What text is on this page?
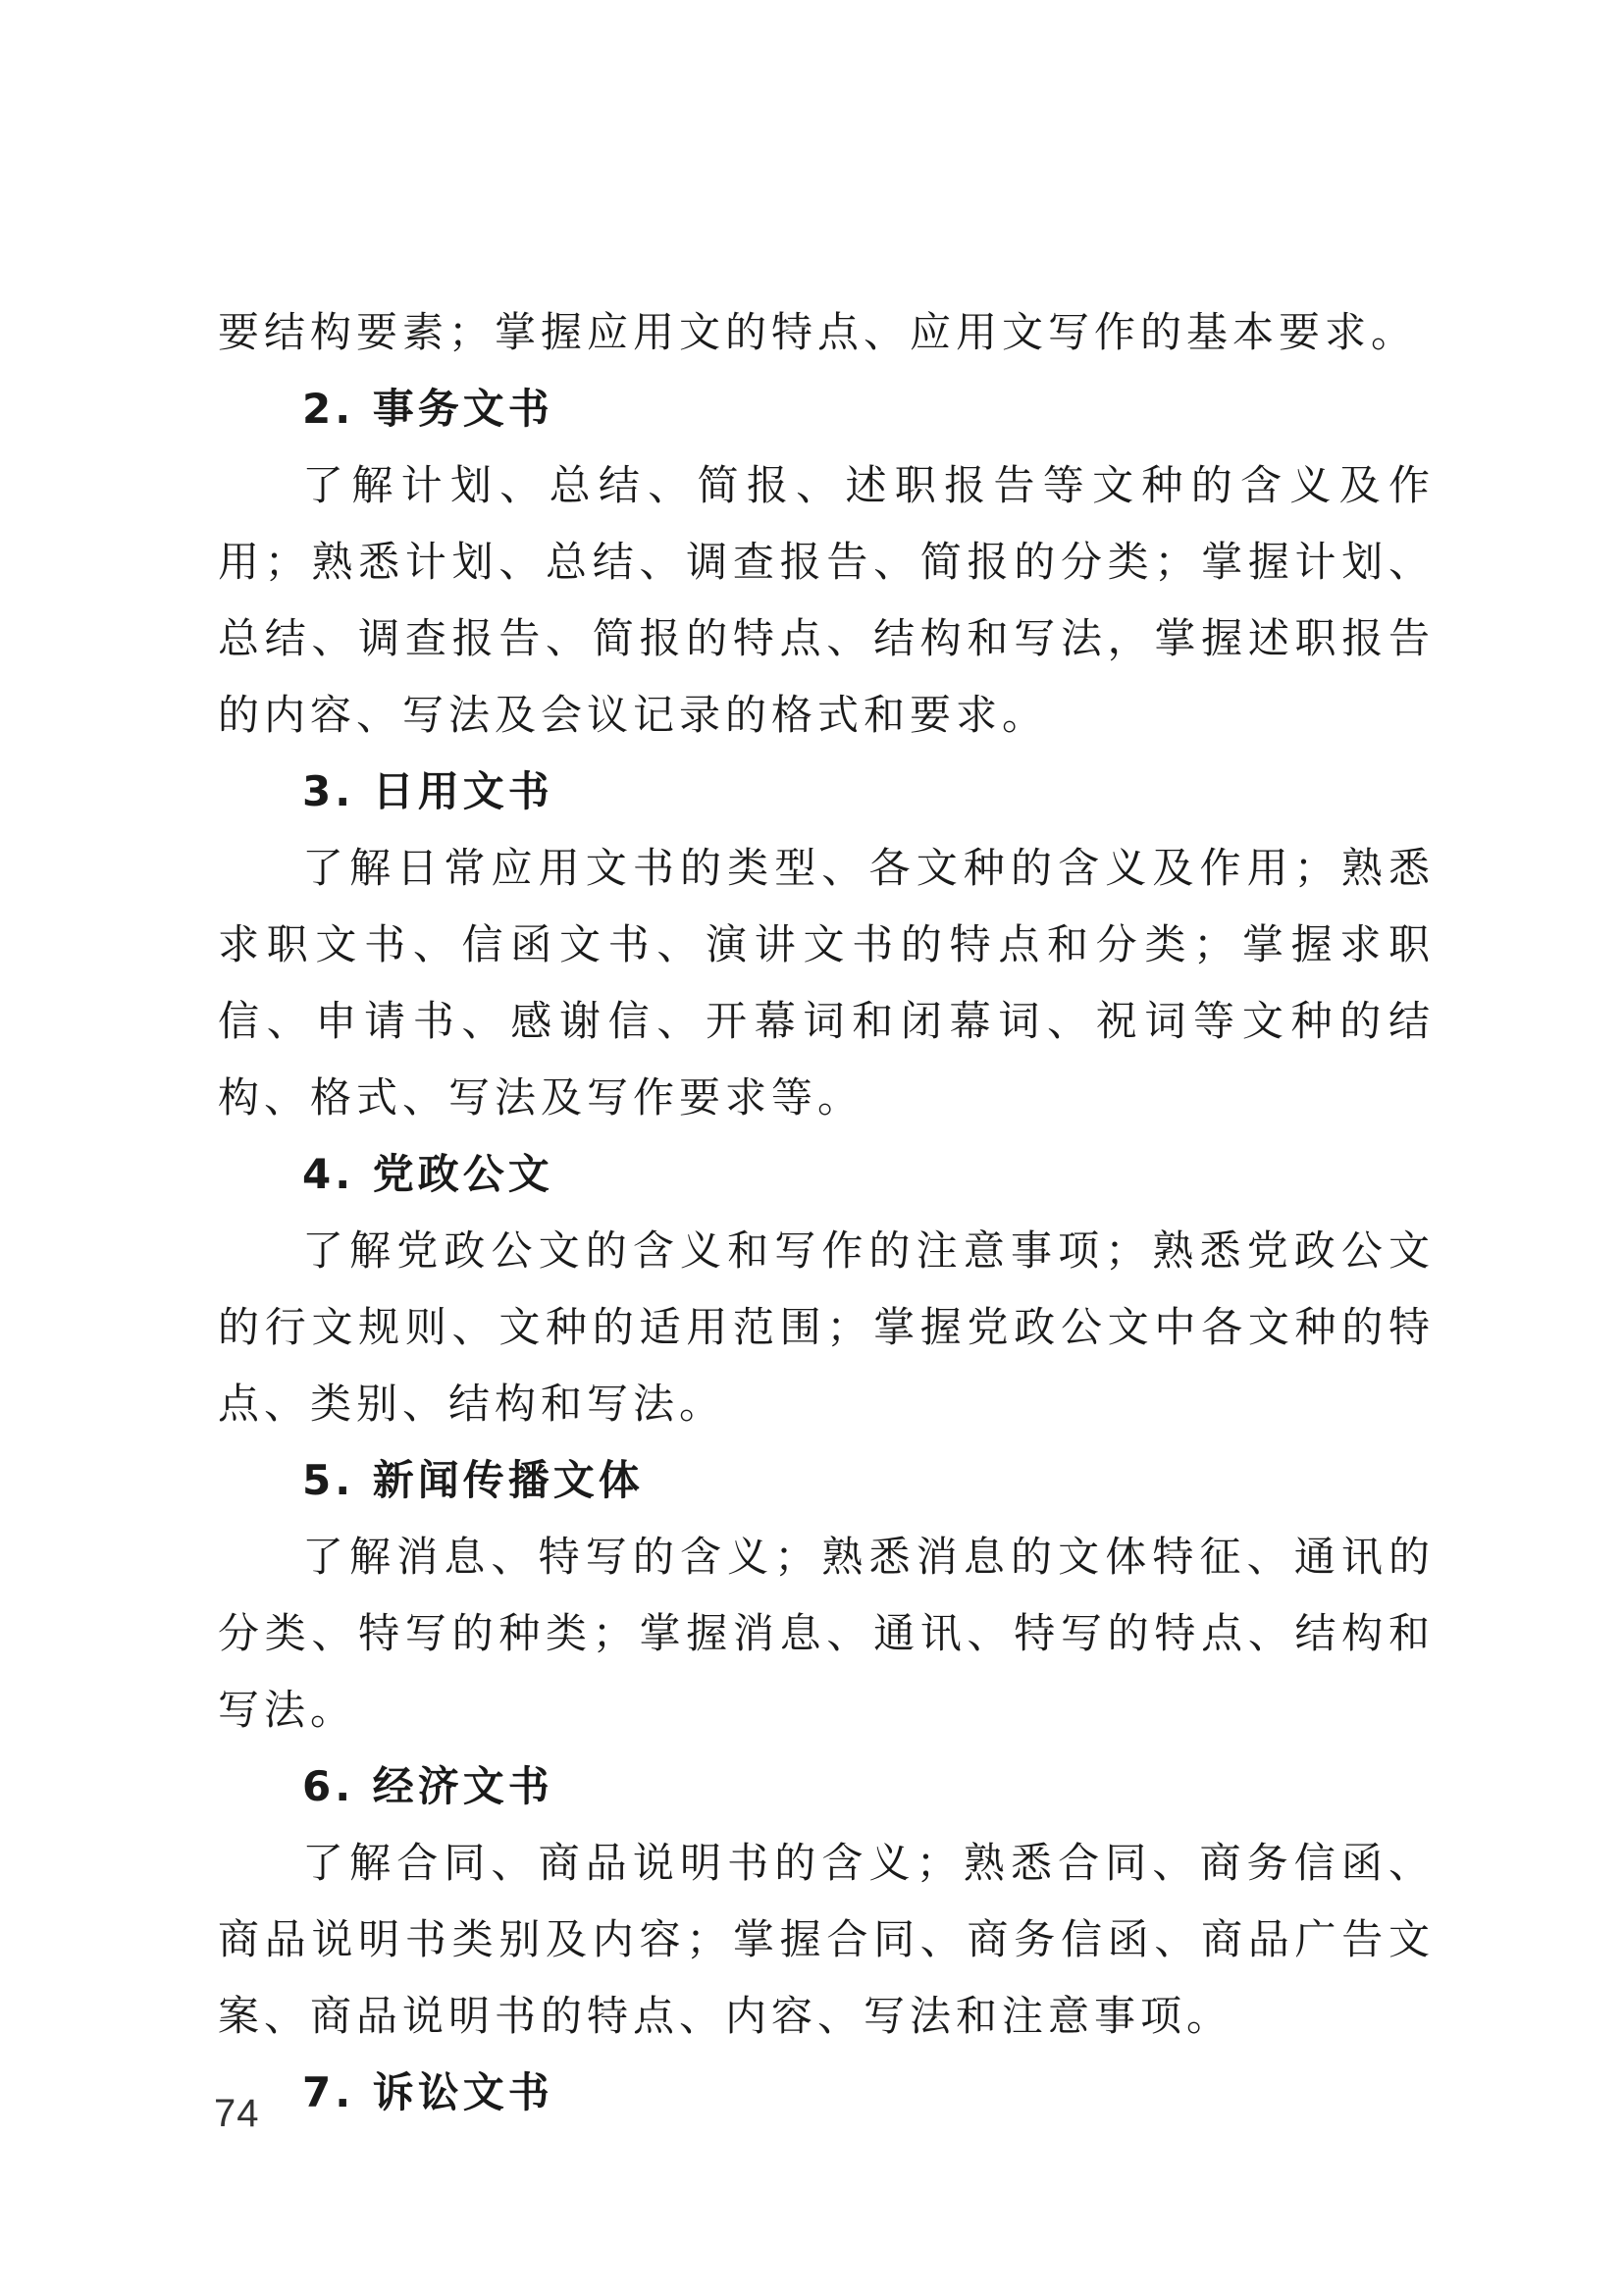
要结构要素；掌握应用文的特点、应用文写作的基本要求。

2. 事务文书

了解计划、总结、简报、述职报告等文种的含义及作用；熟悉计划、总结、调查报告、简报的分类；掌握计划、总结、调查报告、简报的特点、结构和写法，掌握述职报告的内容、写法及会议记录的格式和要求。

3. 日用文书

了解日常应用文书的类型、各文种的含义及作用；熟悉求职文书、信函文书、演讲文书的特点和分类；掌握求职信、申请书、感谢信、开幕词和闭幕词、祝词等文种的结构、格式、写法及写作要求等。

4. 党政公文

了解党政公文的含义和写作的注意事项；熟悉党政公文的行文规则、文种的适用范围；掌握党政公文中各文种的特点、类别、结构和写法。

5. 新闻传播文体

了解消息、特写的含义；熟悉消息的文体特征、通讯的分类、特写的种类；掌握消息、通讯、特写的特点、结构和写法。

6. 经济文书

了解合同、商品说明书的含义；熟悉合同、商务信函、商品说明书类别及内容；掌握合同、商务信函、商品广告文案、商品说明书的特点、内容、写法和注意事项。

7. 诉讼文书

74
